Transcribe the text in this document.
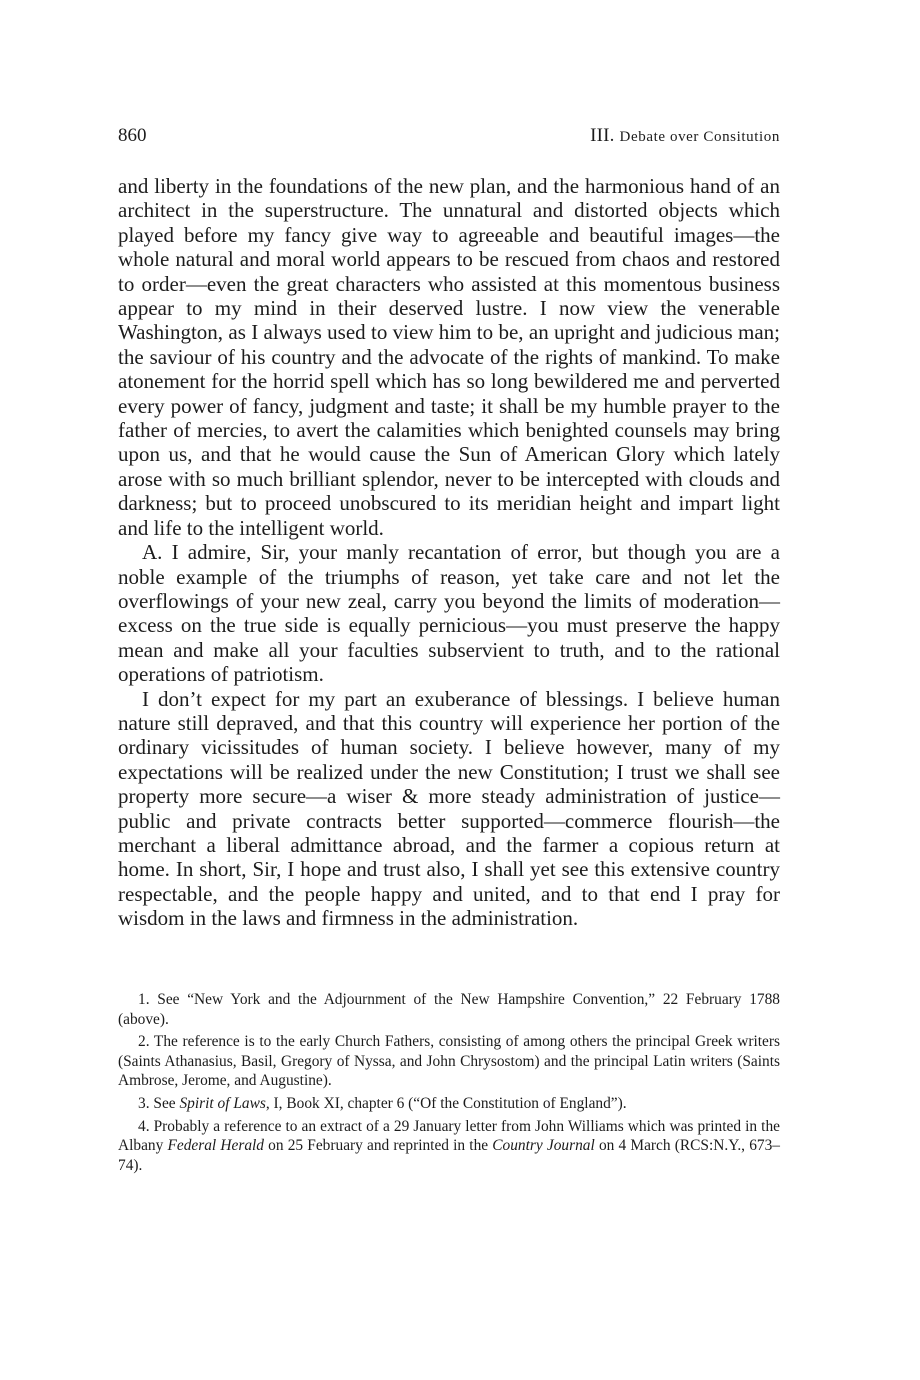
860	III. Debate over Consitution

and liberty in the foundations of the new plan, and the harmonious hand of an architect in the superstructure. The unnatural and distorted objects which played before my fancy give way to agreeable and beautiful images—the whole natural and moral world appears to be rescued from chaos and restored to order—even the great characters who assisted at this momentous business appear to my mind in their deserved lustre. I now view the venerable Washington, as I always used to view him to be, an upright and judicious man; the saviour of his country and the advocate of the rights of mankind. To make atonement for the horrid spell which has so long bewildered me and perverted every power of fancy, judgment and taste; it shall be my humble prayer to the father of mercies, to avert the calamities which benighted counsels may bring upon us, and that he would cause the Sun of American Glory which lately arose with so much brilliant splendor, never to be intercepted with clouds and darkness; but to proceed unobscured to its meridian height and impart light and life to the intelligent world.

A. I admire, Sir, your manly recantation of error, but though you are a noble example of the triumphs of reason, yet take care and not let the overflowings of your new zeal, carry you beyond the limits of moderation—excess on the true side is equally pernicious—you must preserve the happy mean and make all your faculties subservient to truth, and to the rational operations of patriotism.

I don’t expect for my part an exuberance of blessings. I believe human nature still depraved, and that this country will experience her portion of the ordinary vicissitudes of human society. I believe however, many of my expectations will be realized under the new Constitution; I trust we shall see property more secure—a wiser & more steady administration of justice—public and private contracts better supported—commerce flourish—the merchant a liberal admittance abroad, and the farmer a copious return at home. In short, Sir, I hope and trust also, I shall yet see this extensive country respectable, and the people happy and united, and to that end I pray for wisdom in the laws and firmness in the administration.

1. See “New York and the Adjournment of the New Hampshire Convention,” 22 February 1788 (above).

2. The reference is to the early Church Fathers, consisting of among others the principal Greek writers (Saints Athanasius, Basil, Gregory of Nyssa, and John Chrysostom) and the principal Latin writers (Saints Ambrose, Jerome, and Augustine).

3. See Spirit of Laws, I, Book XI, chapter 6 (“Of the Constitution of England”).

4. Probably a reference to an extract of a 29 January letter from John Williams which was printed in the Albany Federal Herald on 25 February and reprinted in the Country Journal on 4 March (RCS:N.Y., 673–74).
